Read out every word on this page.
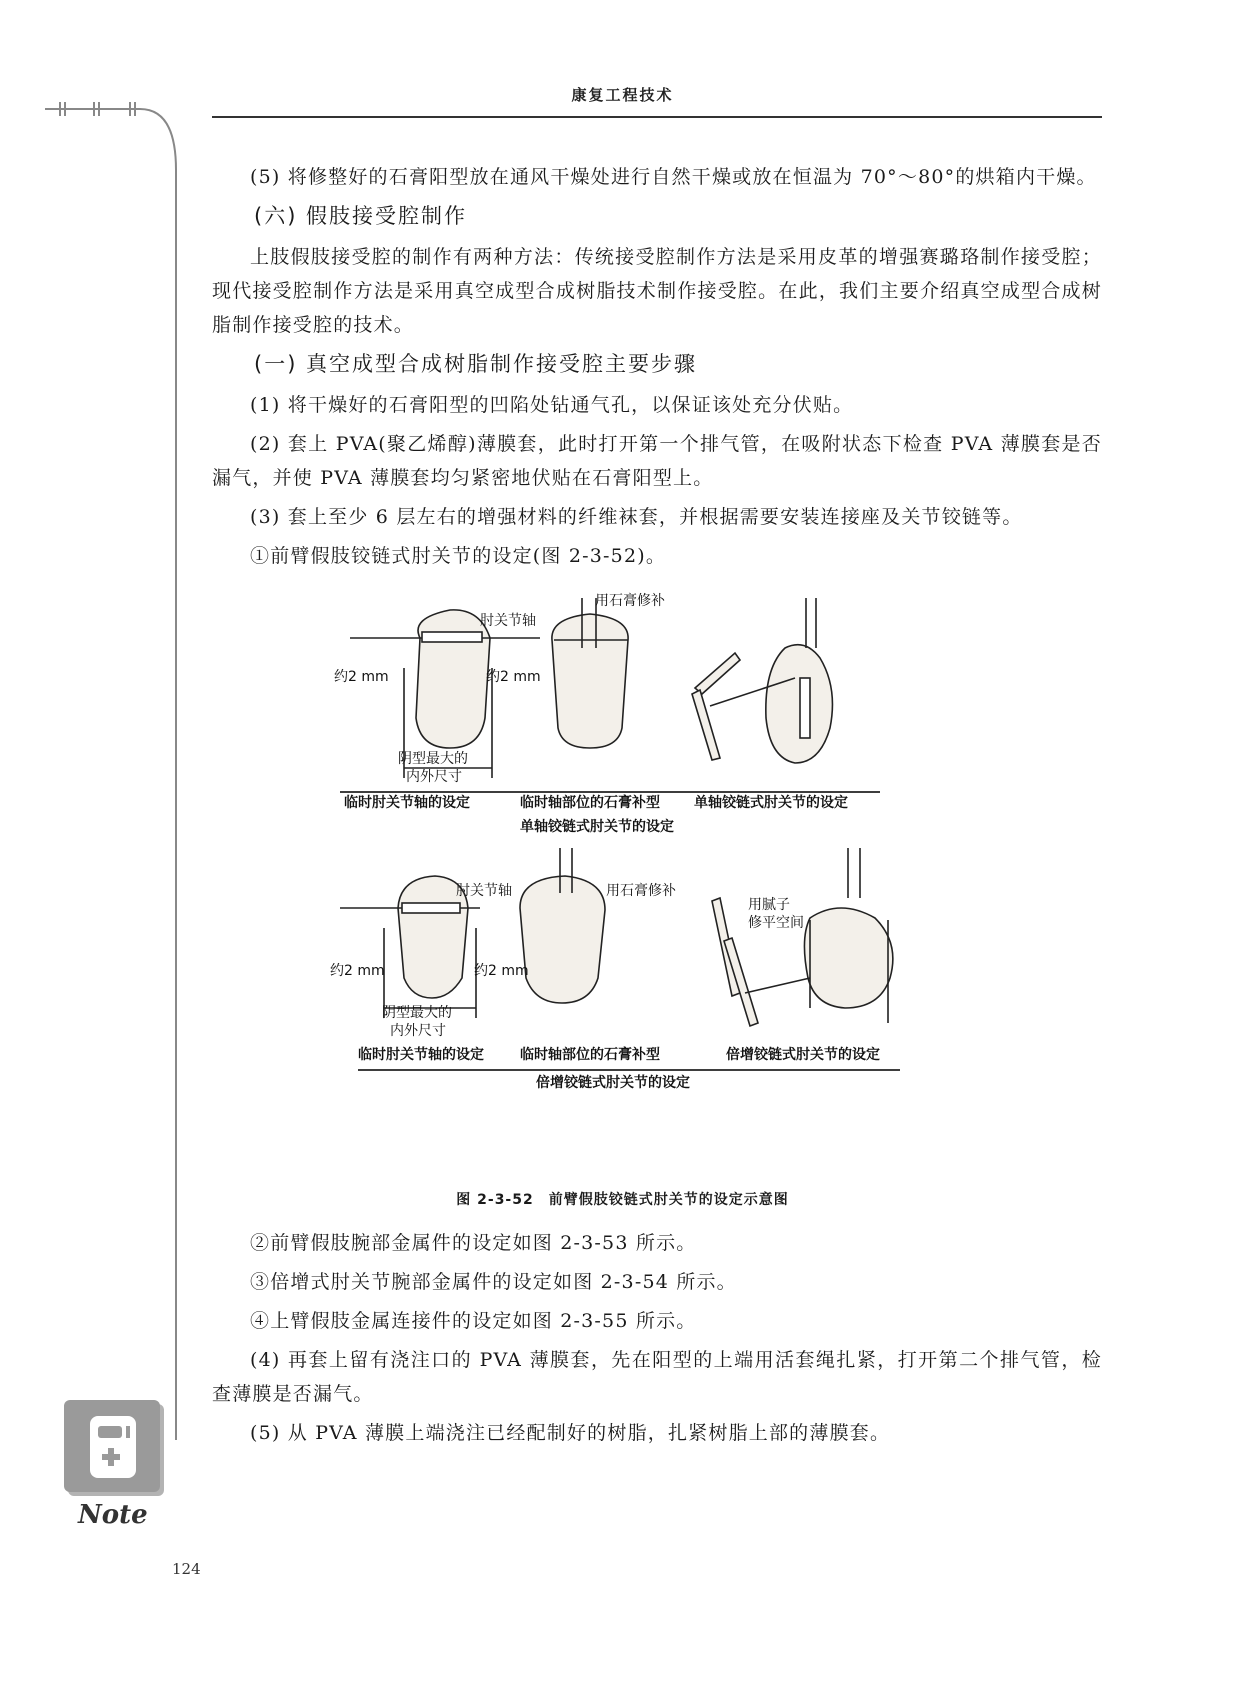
康复工程技术

(5) 将修整好的石膏阳型放在通风干燥处进行自然干燥或放在恒温为 70°～80°的烘箱内干燥。

(六) 假肢接受腔制作

上肢假肢接受腔的制作有两种方法：传统接受腔制作方法是采用皮革的增强赛璐珞制作接受腔；现代接受腔制作方法是采用真空成型合成树脂技术制作接受腔。在此，我们主要介绍真空成型合成树脂制作接受腔的技术。

(一) 真空成型合成树脂制作接受腔主要步骤

(1) 将干燥好的石膏阳型的凹陷处钻通气孔，以保证该处充分伏贴。

(2) 套上 PVA(聚乙烯醇)薄膜套，此时打开第一个排气管，在吸附状态下检查 PVA 薄膜套是否漏气，并使 PVA 薄膜套均匀紧密地伏贴在石膏阳型上。

(3) 套上至少 6 层左右的增强材料的纤维袜套，并根据需要安装连接座及关节铰链等。

①前臂假肢铰链式肘关节的设定(图 2-3-52)。

肘关节轴
用石膏修补
约2 mm	约2 mm
阴型最大的
内外尺寸
临时肘关节轴的设定	临时轴部位的石膏补型 单轴铰链式肘关节的设定
单轴铰链式肘关节的设定
肘关节轴	用石膏修补
用腻子
修平空间
约2 mm	约2 mm
阴型最大的
内外尺寸
临时肘关节轴的设定	临时轴部位的石膏补型	倍增铰链式肘关节的设定
倍增铰链式肘关节的设定
图 2-3-52　前臂假肢铰链式肘关节的设定示意图

②前臂假肢腕部金属件的设定如图 2-3-53 所示。

③倍增式肘关节腕部金属件的设定如图 2-3-54 所示。

④上臂假肢金属连接件的设定如图 2-3-55 所示。

(4) 再套上留有浇注口的 PVA 薄膜套，先在阳型的上端用活套绳扎紧，打开第二个排气管，检查薄膜是否漏气。

(5) 从 PVA 薄膜上端浇注已经配制好的树脂，扎紧树脂上部的薄膜套。

Note
124
